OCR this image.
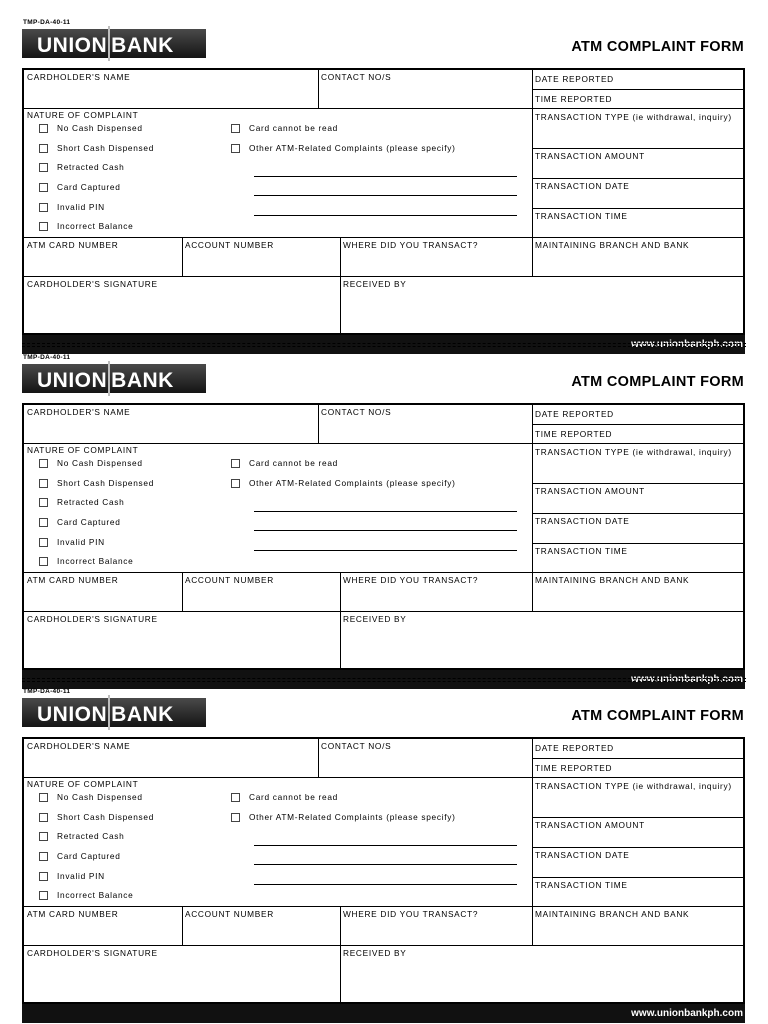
TMP-DA-40-11
UNION BANK	ATM COMPLAINT FORM
CARDHOLDER'S NAME	CONTACT NO/S	DATE REPORTED
TIME REPORTED
NATURE OF COMPLAINT
No Cash Dispensed
Short Cash Dispensed
Retracted Cash
Card Captured
Invalid PIN
Incorrect Balance
Card cannot be read
Other ATM-Related Complaints (please specify)
TRANSACTION TYPE (ie withdrawal, inquiry)
TRANSACTION AMOUNT
TRANSACTION DATE
TRANSACTION TIME
ATM CARD NUMBER	ACCOUNT NUMBER	WHERE DID YOU TRANSACT?	MAINTAINING BRANCH AND BANK
CARDHOLDER'S SIGNATURE	RECEIVED BY
www.unionbankph.com
TMP-DA-40-11
UNION BANK	ATM COMPLAINT FORM
CARDHOLDER'S NAME	CONTACT NO/S	DATE REPORTED
TIME REPORTED
NATURE OF COMPLAINT
No Cash Dispensed
Short Cash Dispensed
Retracted Cash
Card Captured
Invalid PIN
Incorrect Balance
Card cannot be read
Other ATM-Related Complaints (please specify)
TRANSACTION TYPE (ie withdrawal, inquiry)
TRANSACTION AMOUNT
TRANSACTION DATE
TRANSACTION TIME
ATM CARD NUMBER	ACCOUNT NUMBER	WHERE DID YOU TRANSACT?	MAINTAINING BRANCH AND BANK
CARDHOLDER'S SIGNATURE	RECEIVED BY
www.unionbankph.com
TMP-DA-40-11
UNION BANK	ATM COMPLAINT FORM
CARDHOLDER'S NAME	CONTACT NO/S	DATE REPORTED
TIME REPORTED
NATURE OF COMPLAINT
No Cash Dispensed
Short Cash Dispensed
Retracted Cash
Card Captured
Invalid PIN
Incorrect Balance
Card cannot be read
Other ATM-Related Complaints (please specify)
TRANSACTION TYPE (ie withdrawal, inquiry)
TRANSACTION AMOUNT
TRANSACTION DATE
TRANSACTION TIME
ATM CARD NUMBER	ACCOUNT NUMBER	WHERE DID YOU TRANSACT?	MAINTAINING BRANCH AND BANK
CARDHOLDER'S SIGNATURE	RECEIVED BY
www.unionbankph.com
